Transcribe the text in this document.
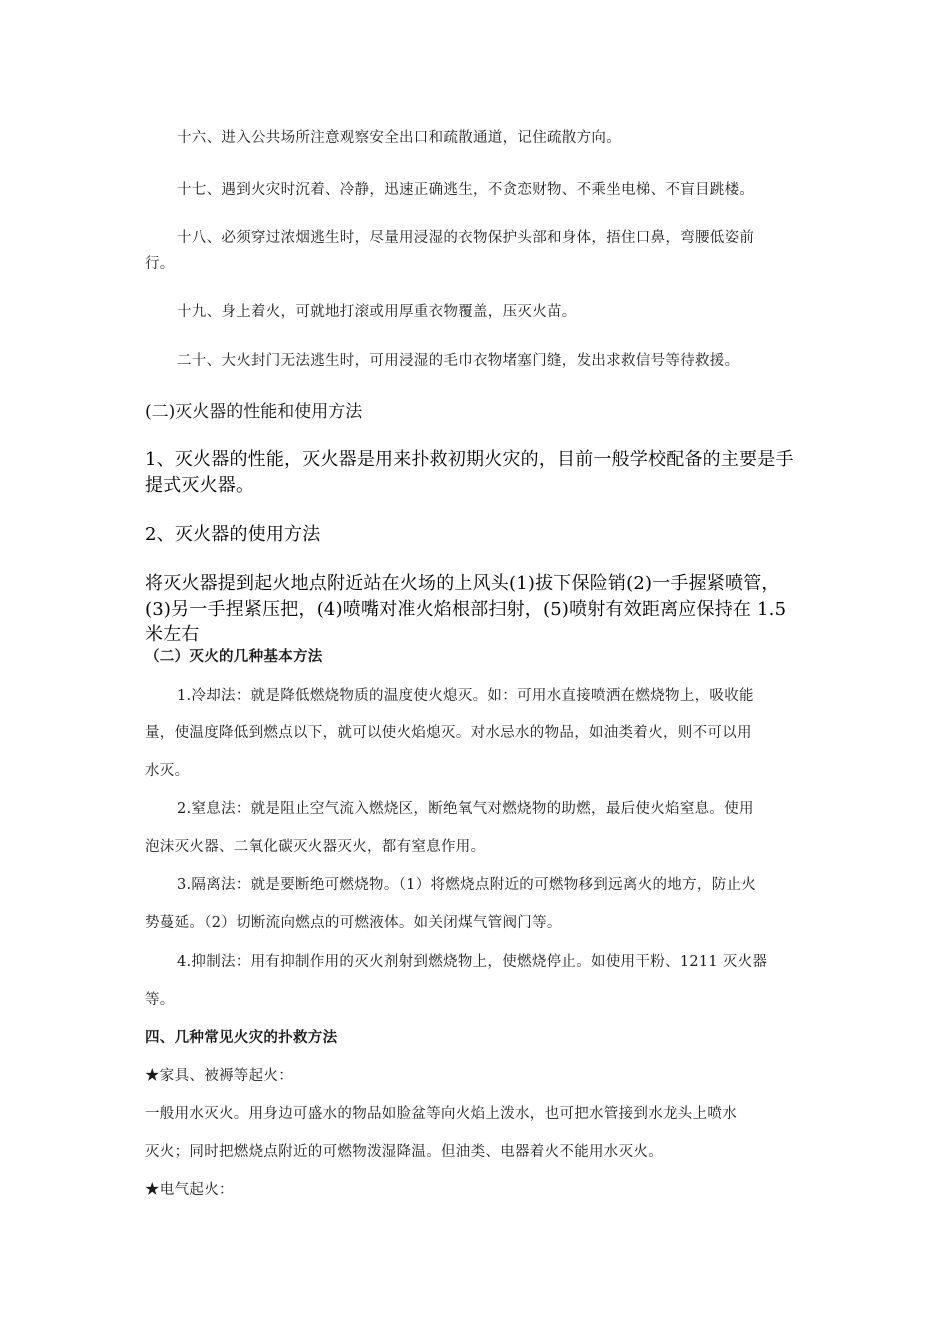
十六、进入公共场所注意观察安全出口和疏散通道，记住疏散方向。

十七、遇到火灾时沉着、冷静，迅速正确逃生，不贪恋财物、不乘坐电梯、不盲目跳楼。

十八、必须穿过浓烟逃生时，尽量用浸湿的衣物保护头部和身体，捂住口鼻，弯腰低姿前

行。

十九、身上着火，可就地打滚或用厚重衣物覆盖，压灭火苗。

二十、大火封门无法逃生时，可用浸湿的毛巾衣物堵塞门缝，发出求救信号等待救援。

(二)灭火器的性能和使用方法

1、灭火器的性能，灭火器是用来扑救初期火灾的，目前一般学校配备的主要是手

提式灭火器。

2、灭火器的使用方法

将灭火器提到起火地点附近站在火场的上风头(1)拔下保险销(2)一手握紧喷管，

(3)另一手捏紧压把，(4)喷嘴对准火焰根部扫射，(5)喷射有效距离应保持在 1.5

米左右

（二）灭火的几种基本方法

1.冷却法：就是降低燃烧物质的温度使火熄灭。如：可用水直接喷洒在燃烧物上，吸收能

量，使温度降低到燃点以下，就可以使火焰熄灭。对水忌水的物品，如油类着火，则不可以用

水灭。

2.窒息法：就是阻止空气流入燃烧区，断绝氧气对燃烧物的助燃，最后使火焰窒息。使用

泡沫灭火器、二氧化碳灭火器灭火，都有窒息作用。

3.隔离法：就是要断绝可燃烧物。（1）将燃烧点附近的可燃物移到远离火的地方，防止火

势蔓延。（2）切断流向燃点的可燃液体。如关闭煤气管阀门等。

4.抑制法：用有抑制作用的灭火剂射到燃烧物上，使燃烧停止。如使用干粉、1211 灭火器

等。

四、几种常见火灾的扑救方法

★家具、被褥等起火：

一般用水灭火。用身边可盛水的物品如脸盆等向火焰上泼水，也可把水管接到水龙头上喷水

灭火；同时把燃烧点附近的可燃物泼湿降温。但油类、电器着火不能用水灭火。

★电气起火：
